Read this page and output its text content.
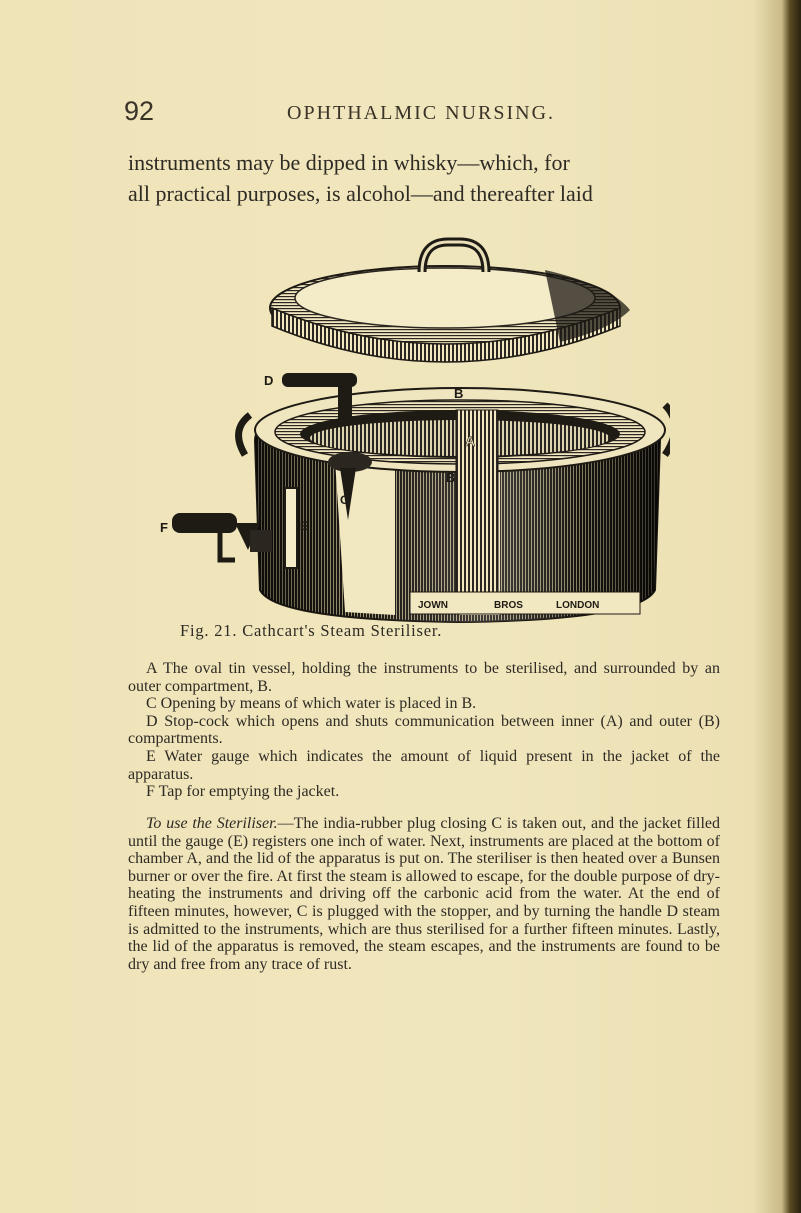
92	OPHTHALMIC NURSING.

instruments may be dipped in whisky—which, for

all practical purposes, is alcohol—and thereafter laid

D
B
A
B
C
E
F
JOWN	BROS	LONDON
Fig. 21. Cathcart's Steam Steriliser.

A The oval tin vessel, holding the instruments to be sterilised, and surrounded by an outer compartment, B.

C Opening by means of which water is placed in B.

D Stop-cock which opens and shuts communication between inner (A) and outer (B) compartments.

E Water gauge which indicates the amount of liquid present in the jacket of the apparatus.

F Tap for emptying the jacket.

To use the Steriliser.—The india-rubber plug closing C is taken out, and the jacket filled until the gauge (E) registers one inch of water. Next, instruments are placed at the bottom of chamber A, and the lid of the apparatus is put on. The steriliser is then heated over a Bunsen burner or over the fire. At first the steam is allowed to escape, for the double purpose of dry-heating the instruments and driving off the carbonic acid from the water. At the end of fifteen minutes, however, C is plugged with the stopper, and by turning the handle D steam is admitted to the instruments, which are thus sterilised for a further fifteen minutes. Lastly, the lid of the apparatus is removed, the steam escapes, and the instruments are found to be dry and free from any trace of rust.
